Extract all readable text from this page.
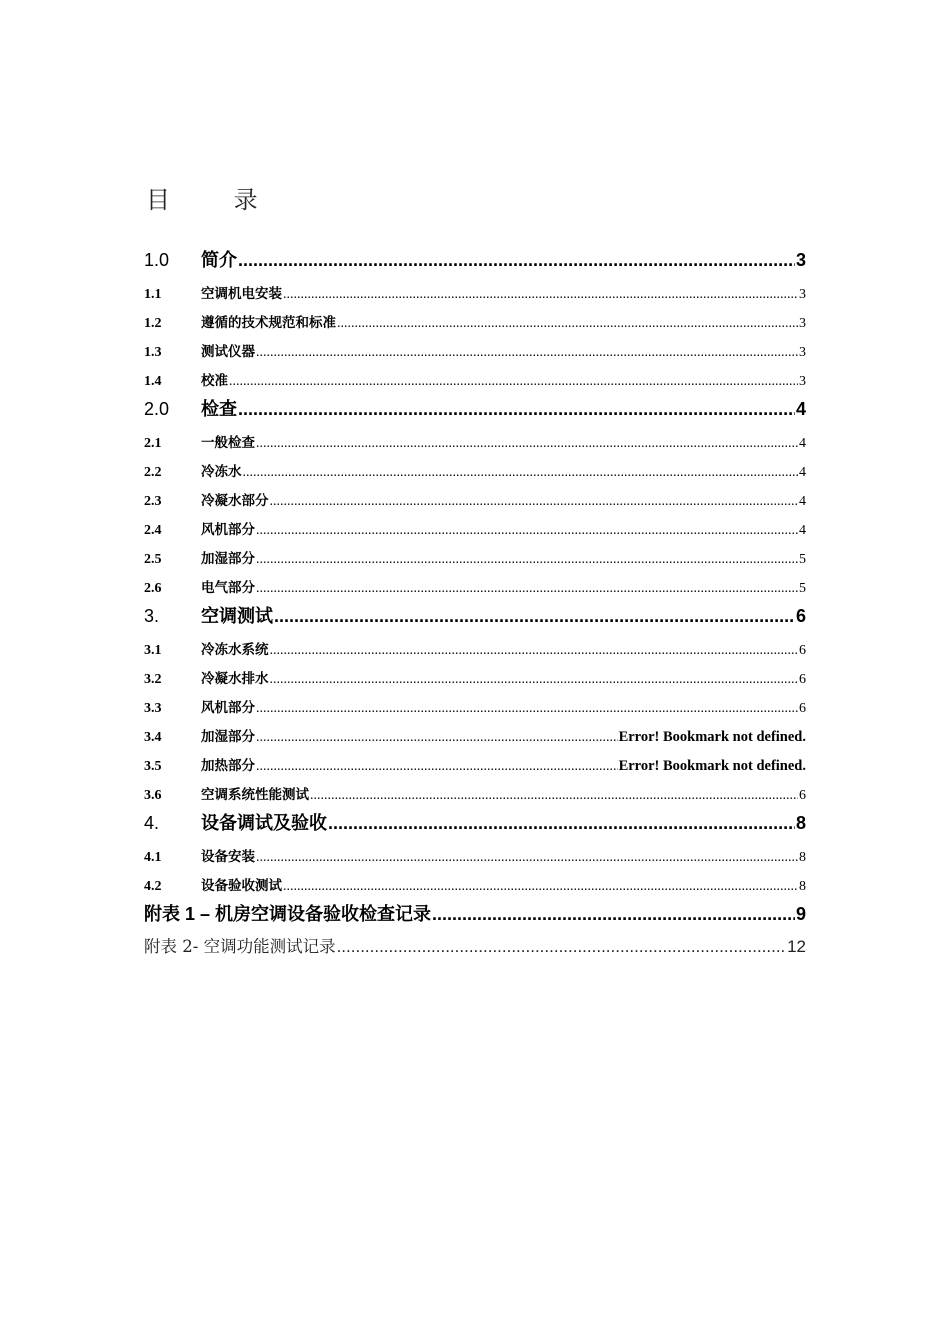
目 录
1.0	简介 .....	3
1.1	空调机电安装 .....	3
1.2	遵循的技术规范和标准 .....	3
1.3	测试仪器 .....	3
1.4	校准 .....	3
2.0	检查 .....	4
2.1	一般检查 .....	4
2.2	冷冻水 .....	4
2.3	冷凝水部分 .....	4
2.4	风机部分 .....	4
2.5	加湿部分 .....	5
2.6	电气部分 .....	5
3.	空调测试 .....	6
3.1	冷冻水系统 .....	6
3.2	冷凝水排水 .....	6
3.3	风机部分 .....	6
3.4	加湿部分 .....	Error! Bookmark not defined.
3.5	加热部分 .....	Error! Bookmark not defined.
3.6	空调系统性能测试 .....	6
4.	设备调试及验收 .....	8
4.1	设备安装 .....	8
4.2	设备验收测试 .....	8
附表 1 – 机房空调设备验收检查记录 .....	9
附表 2- 空调功能测试记录 .....	12
